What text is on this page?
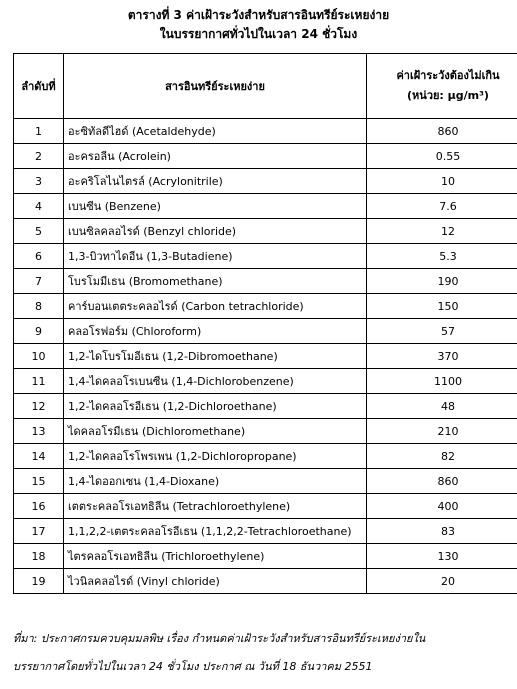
ตารางที่ 3 ค่าเฝ้าระวังสำหรับสารอินทรีย์ระเหยง่าย
ในบรรยากาศทั่วไปในเวลา 24 ชั่วโมง
ลำดับที่	สารอินทรีย์ระเหยง่าย	ค่าเฝ้าระวังต้องไม่เกิน
(หน่วย: µg/m³)

1	อะซิทัลดีไฮด์ (Acetaldehyde)	860
2	อะครอลีน (Acrolein)	0.55
3	อะคริโลไนไตรล์ (Acrylonitrile)	10
4	เบนซีน (Benzene)	7.6
5	เบนซิลคลอไรด์ (Benzyl chloride)	12
6	1,3-บิวทาไดอีน (1,3-Butadiene)	5.3
7	โบรโมมีเธน (Bromomethane)	190
8	คาร์บอนเตตระคลอไรด์ (Carbon tetrachloride)	150
9	คลอโรฟอร์ม (Chloroform)	57
10	1,2-ไดโบรโมอีเธน (1,2-Dibromoethane)	370
11	1,4-ไดคลอโรเบนซีน (1,4-Dichlorobenzene)	1100
12	1,2-ไดคลอโรอีเธน (1,2-Dichloroethane)	48
13	ไดคลอโรมีเธน (Dichloromethane)	210
14	1,2-ไดคลอโรโพรเพน (1,2-Dichloropropane)	82
15	1,4-ไดออกเซน (1,4-Dioxane)	860
16	เตตระคลอโรเอทธิลีน (Tetrachloroethylene)	400
17	1,1,2,2-เตตระคลอโรอีเธน (1,1,2,2-Tetrachloroethane)	83
18	ไตรคลอโรเอทธิลีน (Trichloroethylene)	130
19	ไวนิลคลอไรด์ (Vinyl chloride)	20
ที่มา: ประกาศกรมควบคุมมลพิษ เรื่อง กำหนดค่าเฝ้าระวังสำหรับสารอินทรีย์ระเหยง่ายใน
บรรยากาศโดยทั่วไปในเวลา 24 ชั่วโมง ประกาศ ณ วันที่ 18 ธันวาคม 2551
